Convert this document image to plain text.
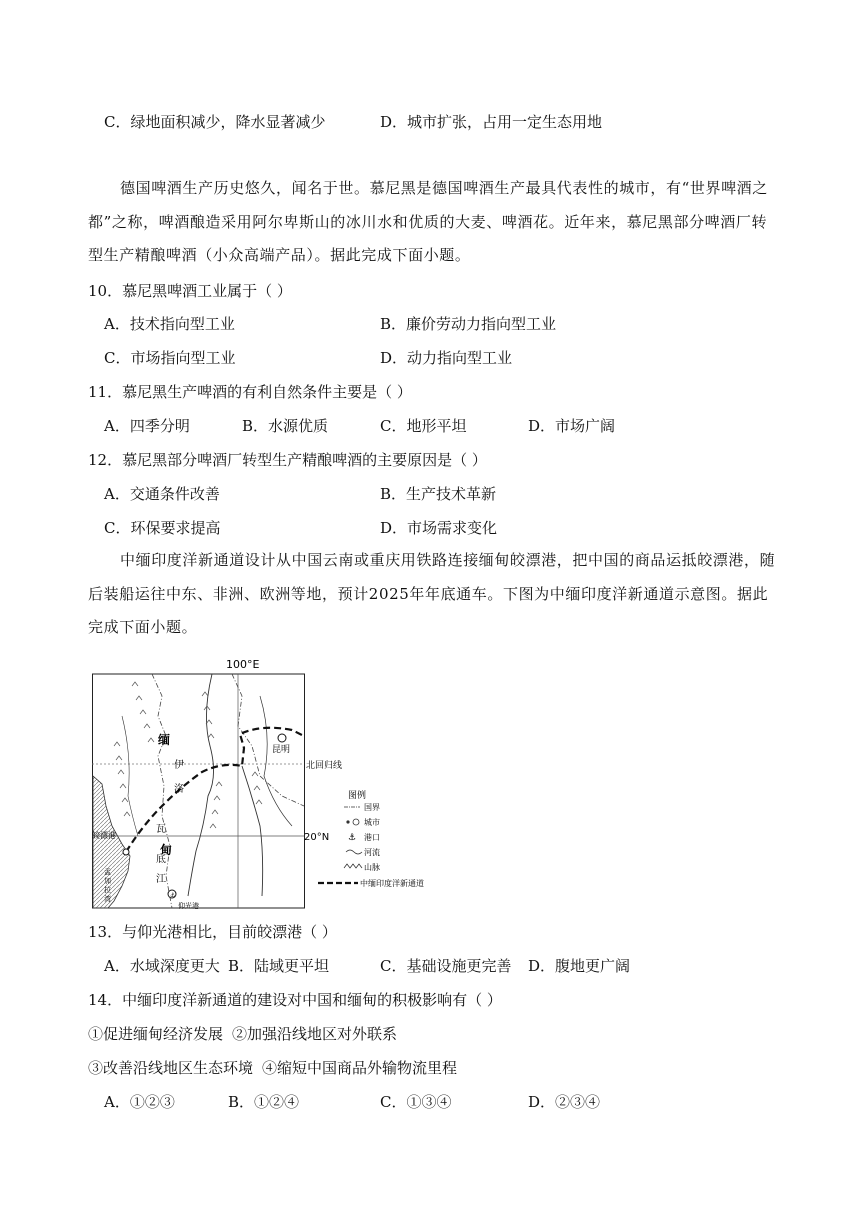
C．绿地面积减少，降水显著减少	D．城市扩张，占用一定生态用地
德国啤酒生产历史悠久，闻名于世。慕尼黑是德国啤酒生产最具代表性的城市，有“世界啤酒之都”之称，啤酒酿造采用阿尔卑斯山的冰川水和优质的大麦、啤酒花。近年来，慕尼黑部分啤酒厂转型生产精酿啤酒（小众高端产品）。据此完成下面小题。
10．慕尼黑啤酒工业属于（ ）
A．技术指向型工业	B．廉价劳动力指向型工业
C．市场指向型工业	D．动力指向型工业
11．慕尼黑生产啤酒的有利自然条件主要是（ ）
A．四季分明	B．水源优质	C．地形平坦	D．市场广阔
12．慕尼黑部分啤酒厂转型生产精酿啤酒的主要原因是（ ）
A．交通条件改善	B．生产技术革新
C．环保要求提高	D．市场需求变化
中缅印度洋新通道设计从中国云南或重庆用铁路连接缅甸皎漂港，把中国的商品运抵皎漂港，随后装船运往中东、非洲、欧洲等地，预计2025年年底通车。下图为中缅印度洋新通道示意图。据此完成下面小题。
⚓
100°E
20°N
北回归线
昆明
皎漂港
仰光港
缅
甸
伊
洛
瓦
底
江
孟
加
拉
湾
图例
国界
城市
⚓ 港口
河流
山脉
中缅印度洋新通道
13．与仰光港相比，目前皎漂港（ ）
A．水域深度更大 B．陆域更平坦	C．基础设施更完善 D．腹地更广阔
14．中缅印度洋新通道的建设对中国和缅甸的积极影响有（ ）
①促进缅甸经济发展 ②加强沿线地区对外联系
③改善沿线地区生态环境 ④缩短中国商品外输物流里程
A．①②③	B．①②④	C．①③④	D．②③④
